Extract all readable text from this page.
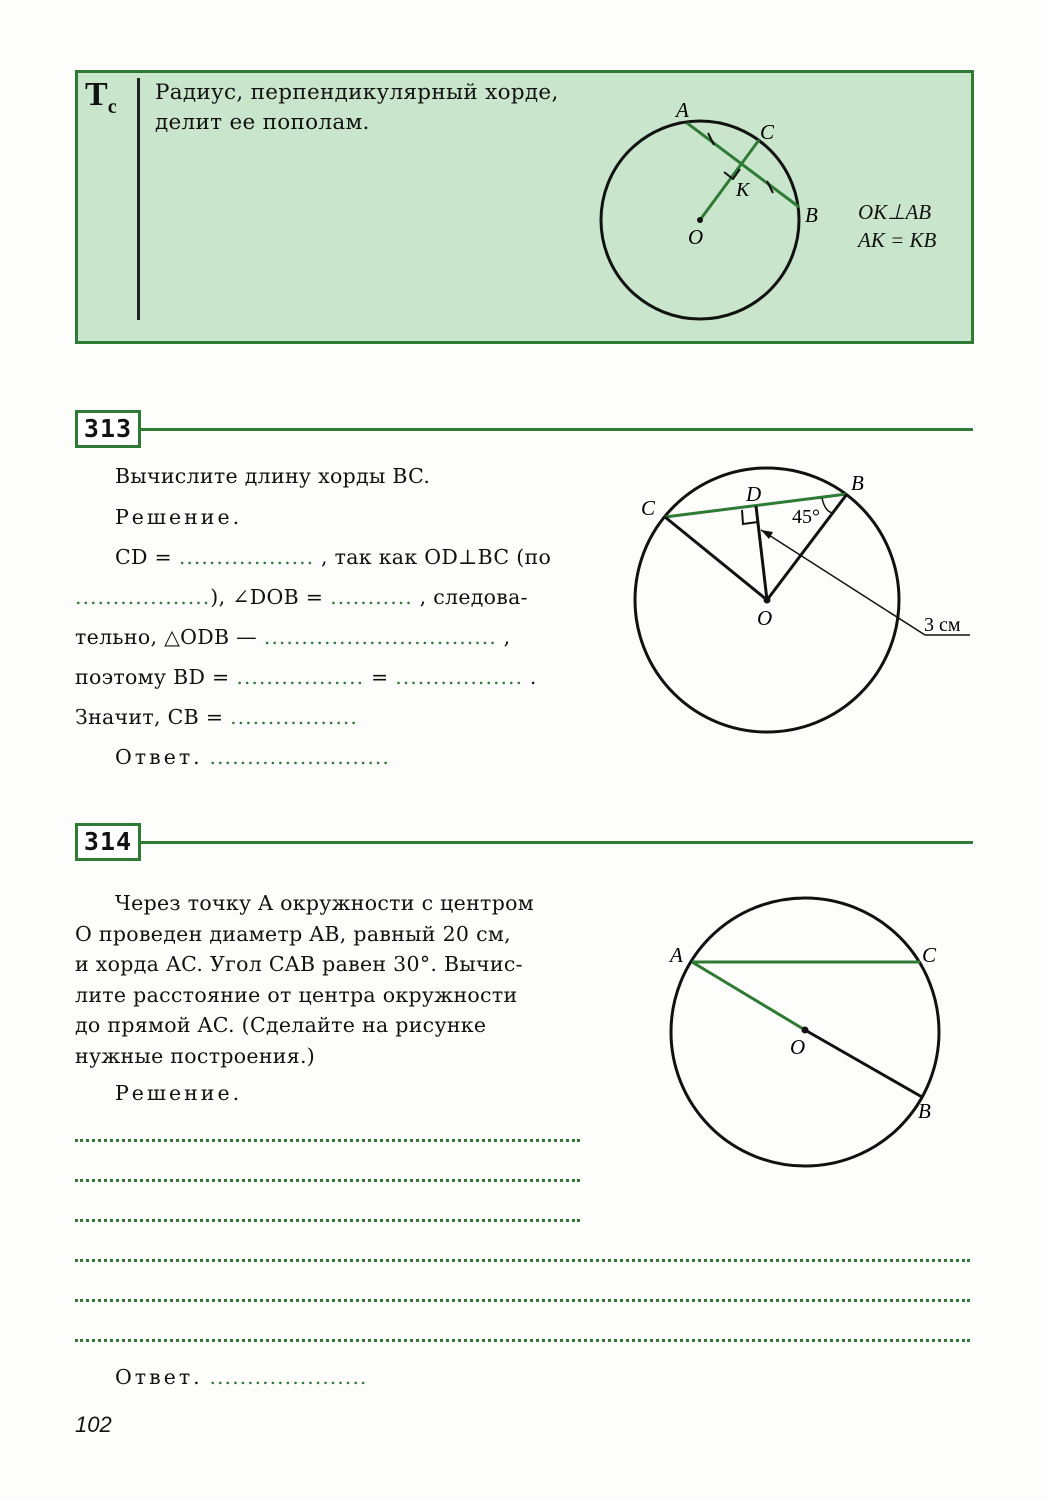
$Т_с$
Радиус, перпендикулярный хорде, делит ее пополам.	A
C
K
B
O
OK⊥AB
AK = KB
313
Вычислите длину хорды BC.
Решение.
CD = .................. , так как OD⊥BC (по
..................), ∠DOB = ........... , следова-
тельно, △ODB — ............................... ,
поэтому BD = ................. = ................. .
Значит, CB = .................
Ответ. ........................
C
D	B
O
45°
3 см
314
Через точку A окружности с центром
O проведен диаметр AB, равный 20 см,
и хорда AC. Угол CAB равен 30°. Вычис-
лите расстояние от центра окружности
до прямой AC. (Сделайте на рисунке
нужные построения.)
Решение.
Ответ. .....................
A	C
O
B
102
